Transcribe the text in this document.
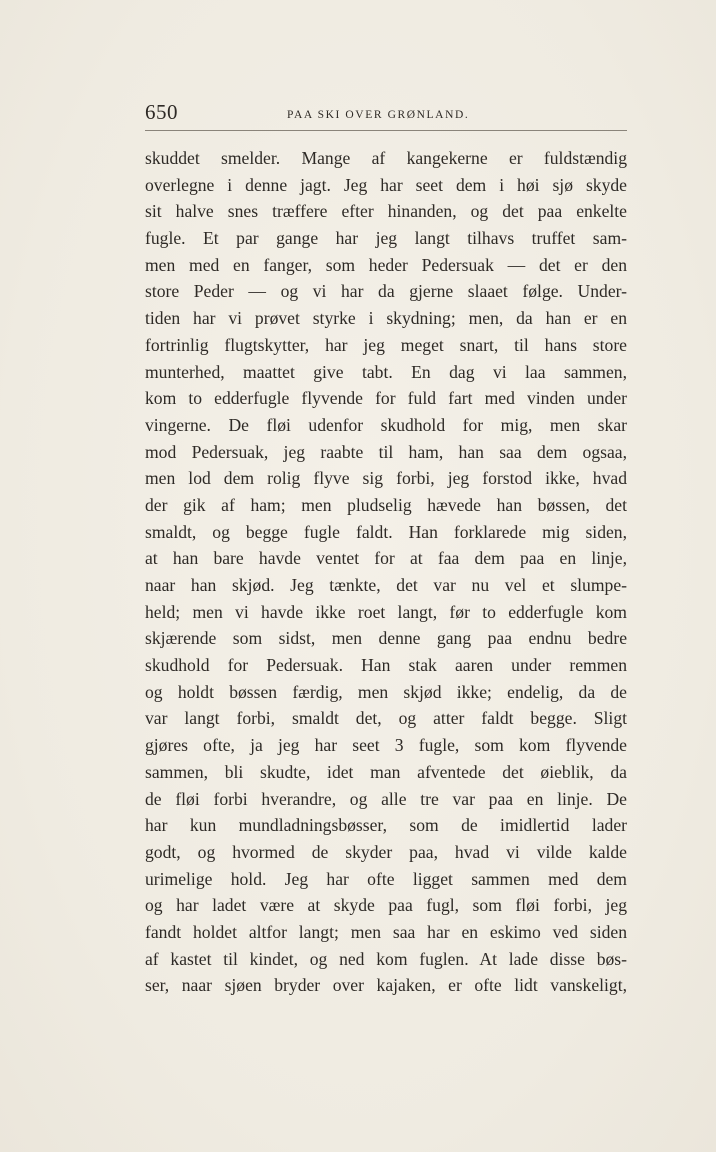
650	PAA SKI OVER GRØNLAND.
skuddet smelder. Mange af kangekerne er fuldstændig
overlegne i denne jagt. Jeg har seet dem i høi sjø skyde
sit halve snes træffere efter hinanden, og det paa enkelte
fugle. Et par gange har jeg langt tilhavs truffet sam-
men med en fanger, som heder Pedersuak — det er den
store Peder — og vi har da gjerne slaaet følge. Under-
tiden har vi prøvet styrke i skydning; men, da han er en
fortrinlig flugtskytter, har jeg meget snart, til hans store
munterhed, maattet give tabt. En dag vi laa sammen,
kom to edderfugle flyvende for fuld fart med vinden under
vingerne. De fløi udenfor skudhold for mig, men skar
mod Pedersuak, jeg raabte til ham, han saa dem ogsaa,
men lod dem rolig flyve sig forbi, jeg forstod ikke, hvad
der gik af ham; men pludselig hævede han bøssen, det
smaldt, og begge fugle faldt. Han forklarede mig siden,
at han bare havde ventet for at faa dem paa en linje,
naar han skjød. Jeg tænkte, det var nu vel et slumpe-
held; men vi havde ikke roet langt, før to edderfugle kom
skjærende som sidst, men denne gang paa endnu bedre
skudhold for Pedersuak. Han stak aaren under remmen
og holdt bøssen færdig, men skjød ikke; endelig, da de
var langt forbi, smaldt det, og atter faldt begge. Sligt
gjøres ofte, ja jeg har seet 3 fugle, som kom flyvende
sammen, bli skudte, idet man afventede det øieblik, da
de fløi forbi hverandre, og alle tre var paa en linje. De
har kun mundladningsbøsser, som de imidlertid lader
godt, og hvormed de skyder paa, hvad vi vilde kalde
urimelige hold. Jeg har ofte ligget sammen med dem
og har ladet være at skyde paa fugl, som fløi forbi, jeg
fandt holdet altfor langt; men saa har en eskimo ved siden
af kastet til kindet, og ned kom fuglen. At lade disse bøs-
ser, naar sjøen bryder over kajaken, er ofte lidt vanskeligt,
